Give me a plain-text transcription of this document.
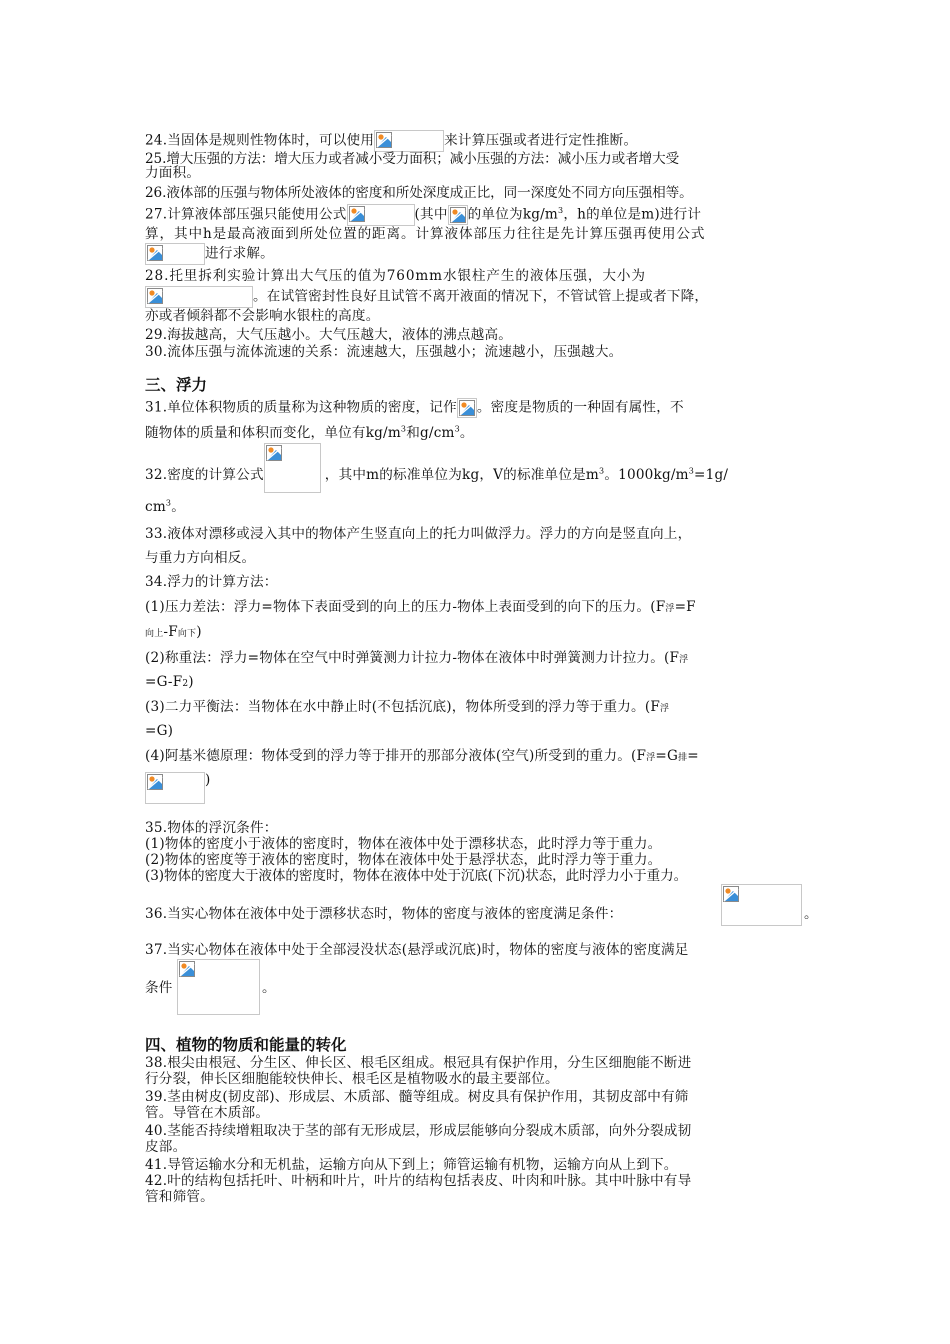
24.当固体是规则性物体时，可以使用	来计算压强或者进行定性推断。
25.增大压强的方法：增大压力或者减小受力面积；减小压强的方法：减小压力或者增大受
力面积。
26.液体部的压强与物体所处液体的密度和所处深度成正比，同一深度处不同方向压强相等。
27.计算液体部压强只能使用公式	(其中 的单位为$kg/m^3$，h的单位是m)进行计
算，其中h是最高液面到所处位置的距离。计算液体部压力往往是先计算压强再使用公式
进行求解。
28.托里拆利实验计算出大气压的值为760mm水银柱产生的液体压强，大小为
。在试管密封性良好且试管不离开液面的情况下，不管试管上提或者下降，
亦或者倾斜都不会影响水银柱的高度。
29.海拔越高，大气压越小。大气压越大，液体的沸点越高。
30.流体压强与流体流速的关系：流速越大，压强越小；流速越小，压强越大。
三、浮力
31.单位体积物质的质量称为这种物质的密度，记作 。密度是物质的一种固有属性，不
随物体的质量和体积而变化，单位有$kg/m^3$和$g/cm^3$。
32.密度的计算公式	，其中m的标准单位为kg，V的标准单位是$m^3$。$1000kg/m^3=1g/$
$cm^3$。
33.液体对漂移或浸入其中的物体产生竖直向上的托力叫做浮力。浮力的方向是竖直向上，
与重力方向相反。
34.浮力的计算方法：
(1)压力差法：浮力=物体下表面受到的向上的压力-物体上表面受到的向下的压力。(F浮=F
向上-F向下)
(2)称重法：浮力=物体在空气中时弹簧测力计拉力-物体在液体中时弹簧测力计拉力。(F浮
=G-F2)
(3)二力平衡法：当物体在水中静止时(不包括沉底)，物体所受到的浮力等于重力。(F浮
=G)
(4)阿基米德原理：物体受到的浮力等于排开的那部分液体(空气)所受到的重力。(F浮=G排=
)
35.物体的浮沉条件：
(1)物体的密度小于液体的密度时，物体在液体中处于漂移状态，此时浮力等于重力。
(2)物体的密度等于液体的密度时，物体在液体中处于悬浮状态，此时浮力等于重力。
(3)物体的密度大于液体的密度时，物体在液体中处于沉底(下沉)状态，此时浮力小于重力。
36.当实心物体在液体中处于漂移状态时，物体的密度与液体的密度满足条件：	。
37.当实心物体在液体中处于全部浸没状态(悬浮或沉底)时，物体的密度与液体的密度满足
条件	。
四、植物的物质和能量的转化
38.根尖由根冠、分生区、伸长区、根毛区组成。根冠具有保护作用，分生区细胞能不断进
行分裂，伸长区细胞能较快伸长、根毛区是植物吸水的最主要部位。
39.茎由树皮(韧皮部)、形成层、木质部、髓等组成。树皮具有保护作用，其韧皮部中有筛
管。导管在木质部。
40.茎能否持续增粗取决于茎的部有无形成层，形成层能够向分裂成木质部，向外分裂成韧
皮部。
41.导管运输水分和无机盐，运输方向从下到上；筛管运输有机物，运输方向从上到下。
42.叶的结构包括托叶、叶柄和叶片，叶片的结构包括表皮、叶肉和叶脉。其中叶脉中有导
管和筛管。
